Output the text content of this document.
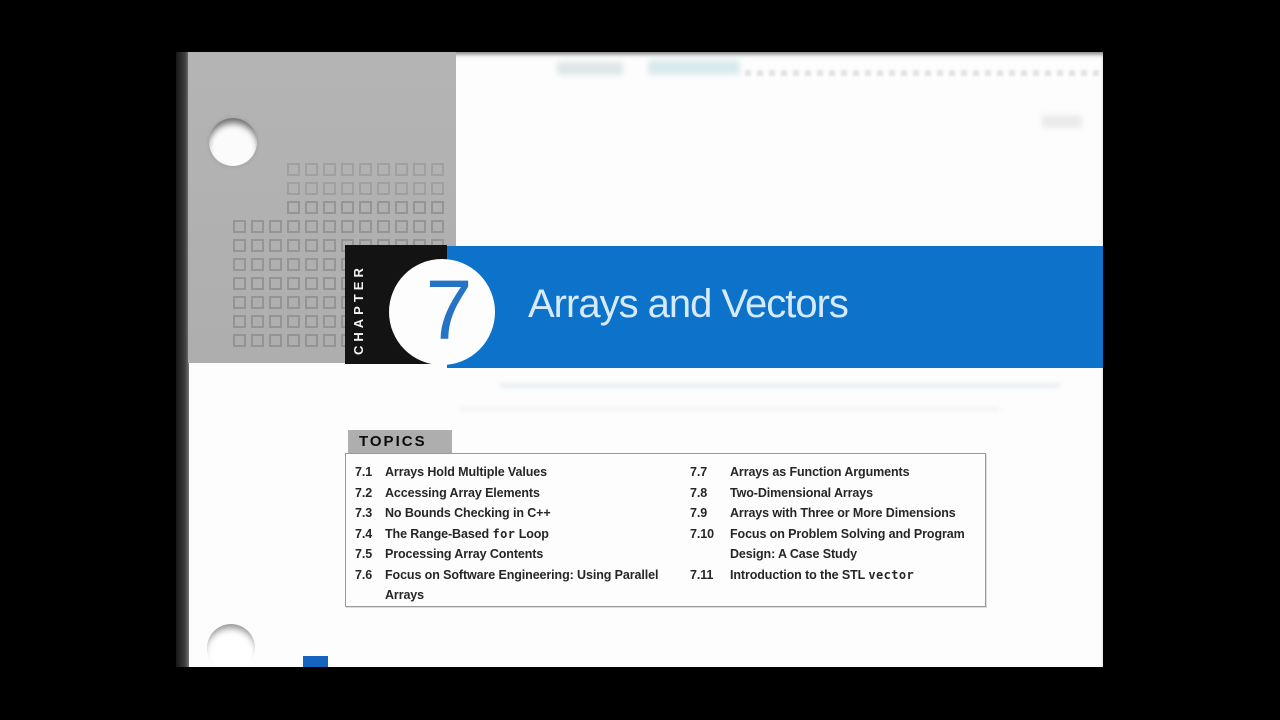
CHAPTER	Arrays and Vectors
7
TOPICS
7.1	Arrays Hold Multiple Values
7.2	Accessing Array Elements
7.3	No Bounds Checking in C++
7.4	The Range-Based for Loop
7.5	Processing Array Contents
7.6	Focus on Software Engineering: Using Parallel Arrays
7.7	Arrays as Function Arguments
7.8	Two-Dimensional Arrays
7.9	Arrays with Three or More Dimensions
7.10	Focus on Problem Solving and Program Design: A Case Study
7.11	Introduction to the STL vector
